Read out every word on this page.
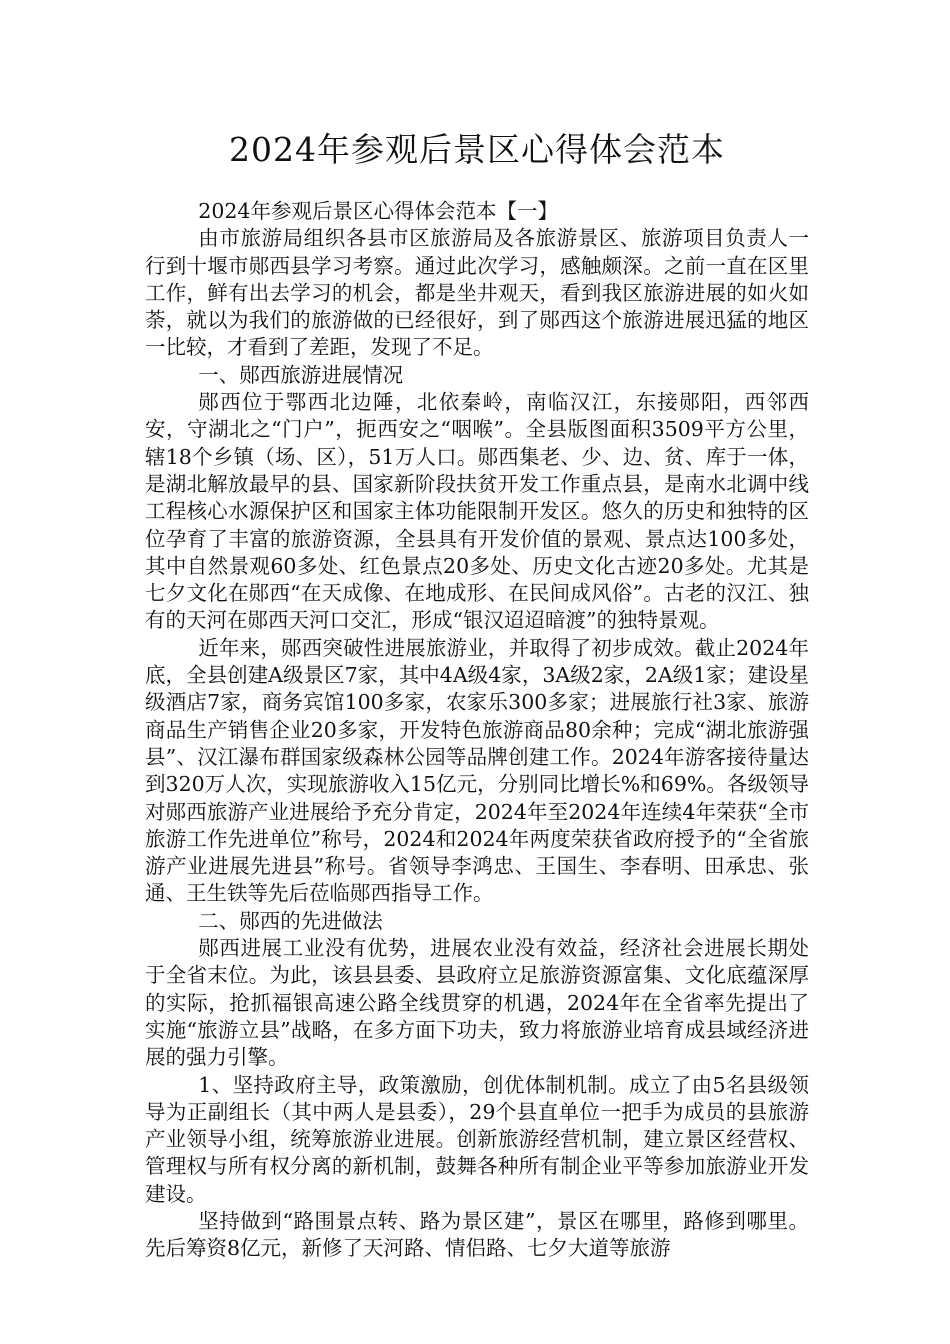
2024年参观后景区心得体会范本

2024年参观后景区心得体会范本【一】

由市旅游局组织各县市区旅游局及各旅游景区、旅游项目负责人一行到十堰市郧西县学习考察。通过此次学习，感触颇深。之前一直在区里工作，鲜有出去学习的机会，都是坐井观天，看到我区旅游进展的如火如荼，就以为我们的旅游做的已经很好，到了郧西这个旅游进展迅猛的地区一比较，才看到了差距，发现了不足。

一、郧西旅游进展情况

郧西位于鄂西北边陲，北依秦岭，南临汉江，东接郧阳，西邻西安，守湖北之“门户”，扼西安之“咽喉”。全县版图面积3509平方公里，辖18个乡镇（场、区），51万人口。郧西集老、少、边、贫、库于一体，是湖北解放最早的县、国家新阶段扶贫开发工作重点县，是南水北调中线工程核心水源保护区和国家主体功能限制开发区。悠久的历史和独特的区位孕育了丰富的旅游资源，全县具有开发价值的景观、景点达100多处，其中自然景观60多处、红色景点20多处、历史文化古迹20多处。尤其是七夕文化在郧西“在天成像、在地成形、在民间成风俗”。古老的汉江、独有的天河在郧西天河口交汇，形成“银汉迢迢暗渡”的独特景观。

近年来，郧西突破性进展旅游业，并取得了初步成效。截止2024年底，全县创建A级景区7家，其中4A级4家，3A级2家，2A级1家；建设星级酒店7家，商务宾馆100多家，农家乐300多家；进展旅行社3家、旅游商品生产销售企业20多家，开发特色旅游商品80余种；完成“湖北旅游强县”、汉江瀑布群国家级森林公园等品牌创建工作。2024年游客接待量达到320万人次，实现旅游收入15亿元，分别同比增长%和69%。各级领导对郧西旅游产业进展给予充分肯定，2024年至2024年连续4年荣获“全市旅游工作先进单位”称号，2024和2024年两度荣获省政府授予的“全省旅游产业进展先进县”称号。省领导李鸿忠、王国生、李春明、田承忠、张通、王生铁等先后莅临郧西指导工作。

二、郧西的先进做法

郧西进展工业没有优势，进展农业没有效益，经济社会进展长期处于全省末位。为此，该县县委、县政府立足旅游资源富集、文化底蕴深厚的实际，抢抓福银高速公路全线贯穿的机遇，2024年在全省率先提出了实施“旅游立县”战略，在多方面下功夫，致力将旅游业培育成县域经济进展的强力引擎。

1、坚持政府主导，政策激励，创优体制机制。成立了由5名县级领导为正副组长（其中两人是县委），29个县直单位一把手为成员的县旅游产业领导小组，统筹旅游业进展。创新旅游经营机制，建立景区经营权、管理权与所有权分离的新机制，鼓舞各种所有制企业平等参加旅游业开发建设。

坚持做到“路围景点转、路为景区建”，景区在哪里，路修到哪里。先后筹资8亿元，新修了天河路、情侣路、七夕大道等旅游
